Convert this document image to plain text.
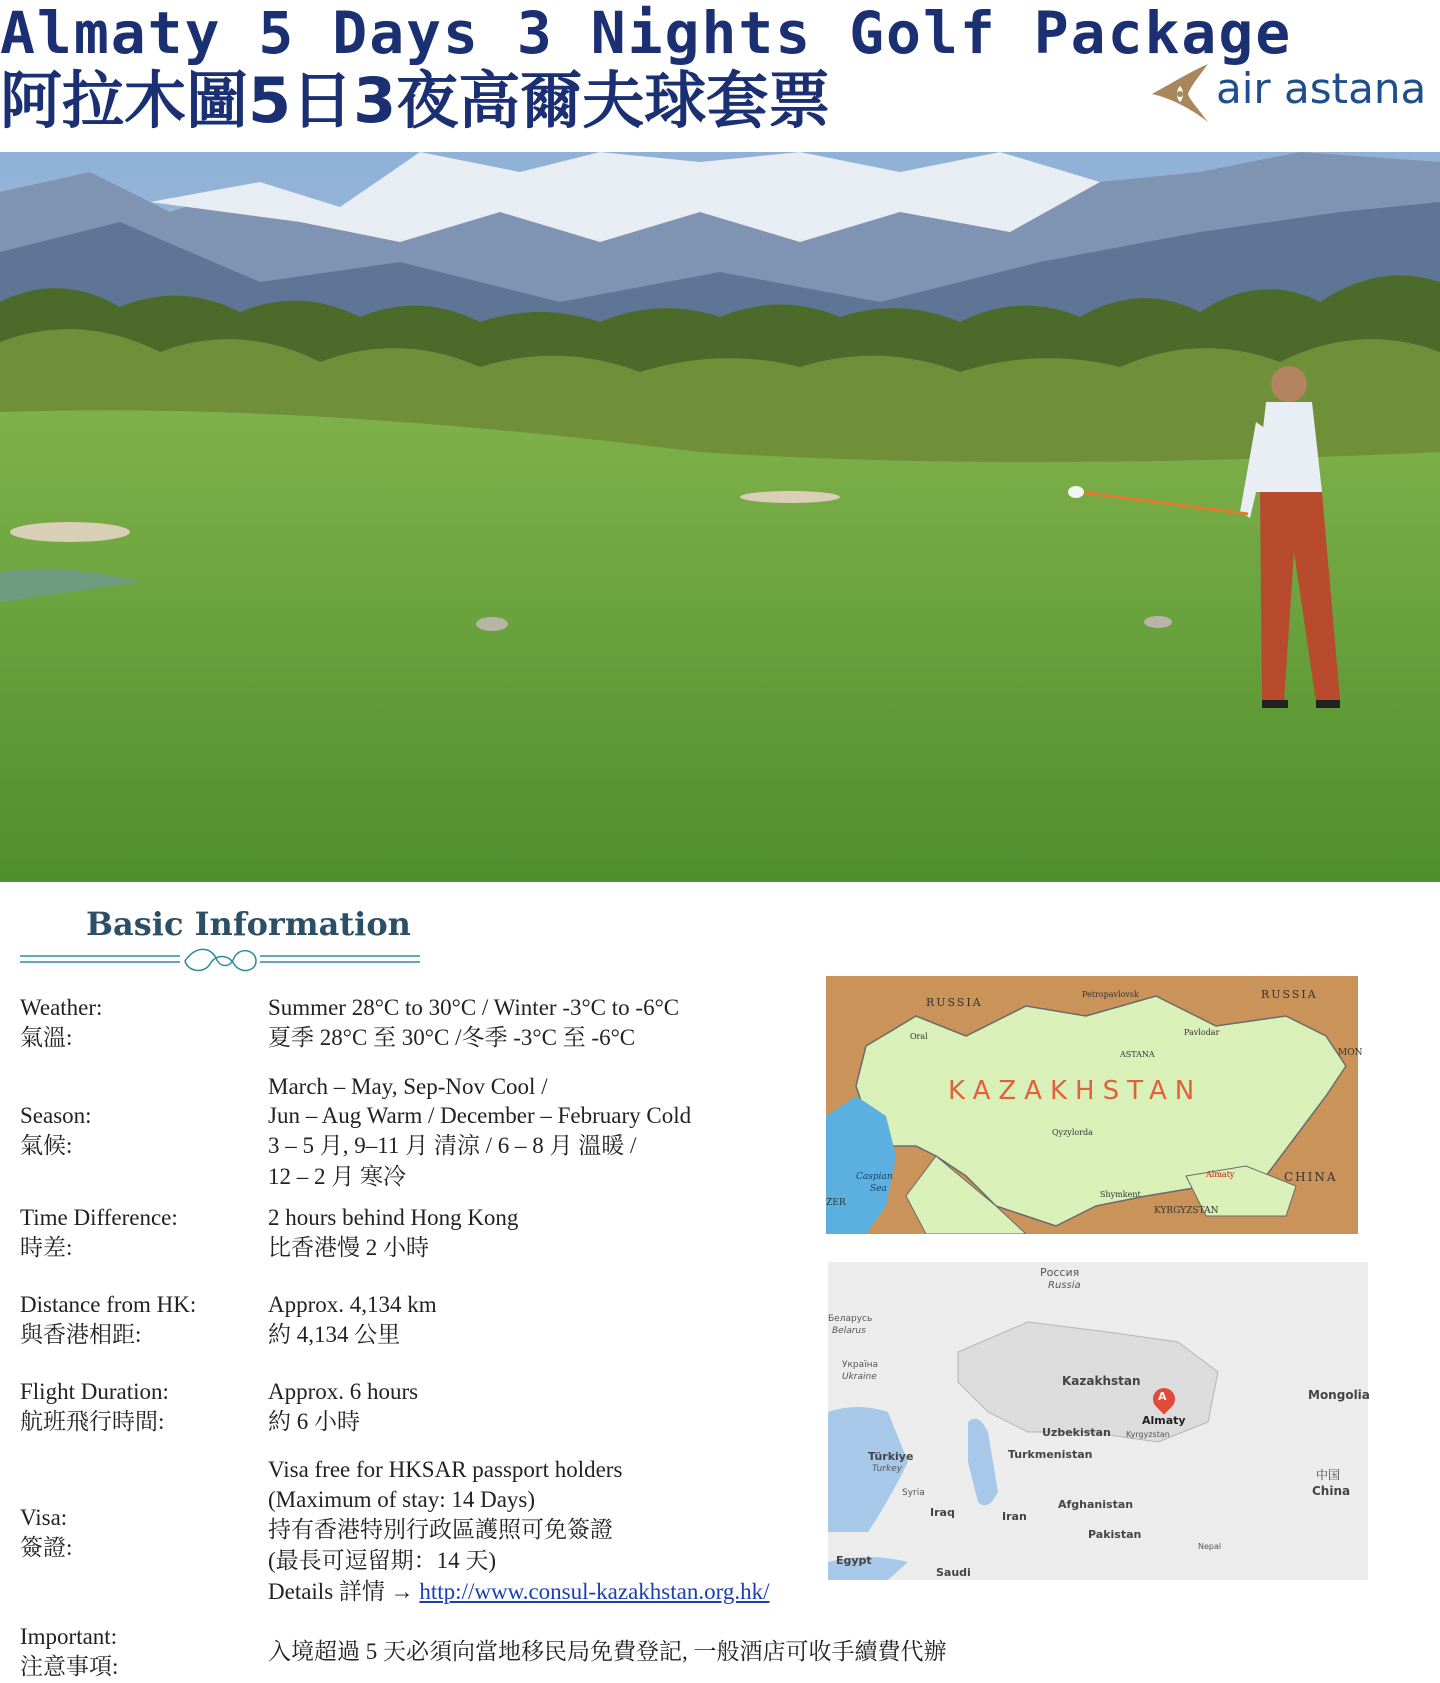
Almaty 5 Days 3 Nights Golf Package
阿拉木圖5日3夜高爾夫球套票	air astana
Basic Information
Weather:
氣溫:
Summer 28°C to 30°C / Winter -3°C to -6°C
夏季 28°C 至 30°C /冬季 -3°C 至 -6°C
Season:
氣候:
March – May, Sep-Nov Cool /
Jun – Aug Warm / December – February Cold
3 – 5 月, 9–11 月 清涼 / 6 – 8 月 溫暖 /
12 – 2 月 寒冷
Time Difference:
時差:
2 hours behind Hong Kong
比香港慢 2 小時
Distance from HK:
與香港相距:
Approx. 4,134 km
約 4,134 公里
Flight Duration:
航班飛行時間:
Approx. 6 hours
約 6 小時
Visa:
簽證:
Visa free for HKSAR passport holders
(Maximum of stay: 14 Days)
持有香港特別行政區護照可免簽證
(最長可逗留期：14 天)
Details 詳情 → http://www.consul-kazakhstan.org.hk/
Important:
注意事項:
入境超過 5 天必須向當地移民局免費登記, 一般酒店可收手續費代辦
RUSSIA
Petropavlovsk	RUSSIA
Oral	Pavlodar
ASTANA	MON
KAZAKHSTAN
Qyzylorda
Almaty	CHINA
Shymkent
KYRGYZSTAN
Caspian
Sea
ZER
Россия
Russia
Беларусь
Belarus
Україна
Ukraine	Kazakhstan
Mongolia
A
Almaty
Uzbekistan Kyrgyzstan
Türkiye
Turkey
Turkmenistan
中国
China
Syria
Iraq	Iran
Afghanistan
Pakistan
Nepal
Egypt
Saudi
